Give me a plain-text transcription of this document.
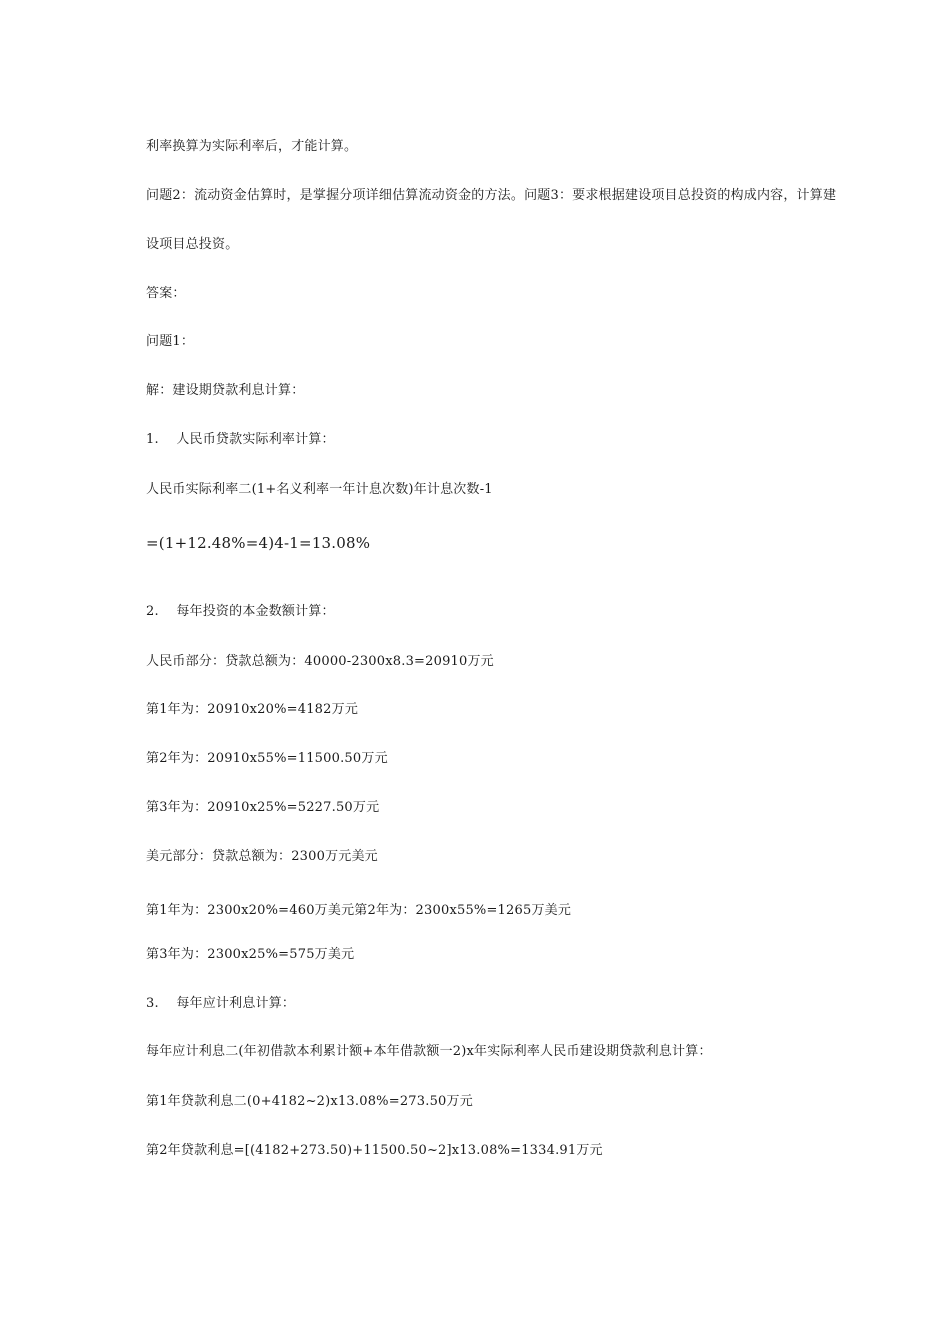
利率换算为实际利率后，才能计算。
问题2：流动资金估算时，是掌握分项详细估算流动资金的方法。问题3：要求根据建设项目总投资的构成内容，计算建
设项目总投资。
答案：
问题1：
解：建设期贷款利息计算：
1.　 人民币贷款实际利率计算：
人民币实际利率二(1+名义利率一年计息次数)年计息次数-1
=(1+12.48%=4)4-1=13.08%
2.　 每年投资的本金数额计算：
人民币部分：贷款总额为：40000-2300x8.3=20910万元
第1年为：20910x20%=4182万元
第2年为：20910x55%=11500.50万元
第3年为：20910x25%=5227.50万元
美元部分：贷款总额为：2300万元美元
第1年为：2300x20%=460万美元第2年为：2300x55%=1265万美元
第3年为：2300x25%=575万美元
3.　 每年应计利息计算：
每年应计利息二(年初借款本利累计额+本年借款额一2)x年实际利率人民币建设期贷款利息计算：
第1年贷款利息二(0+4182~2)x13.08%=273.50万元
第2年贷款利息=[(4182+273.50)+11500.50~2]x13.08%=1334.91万元
